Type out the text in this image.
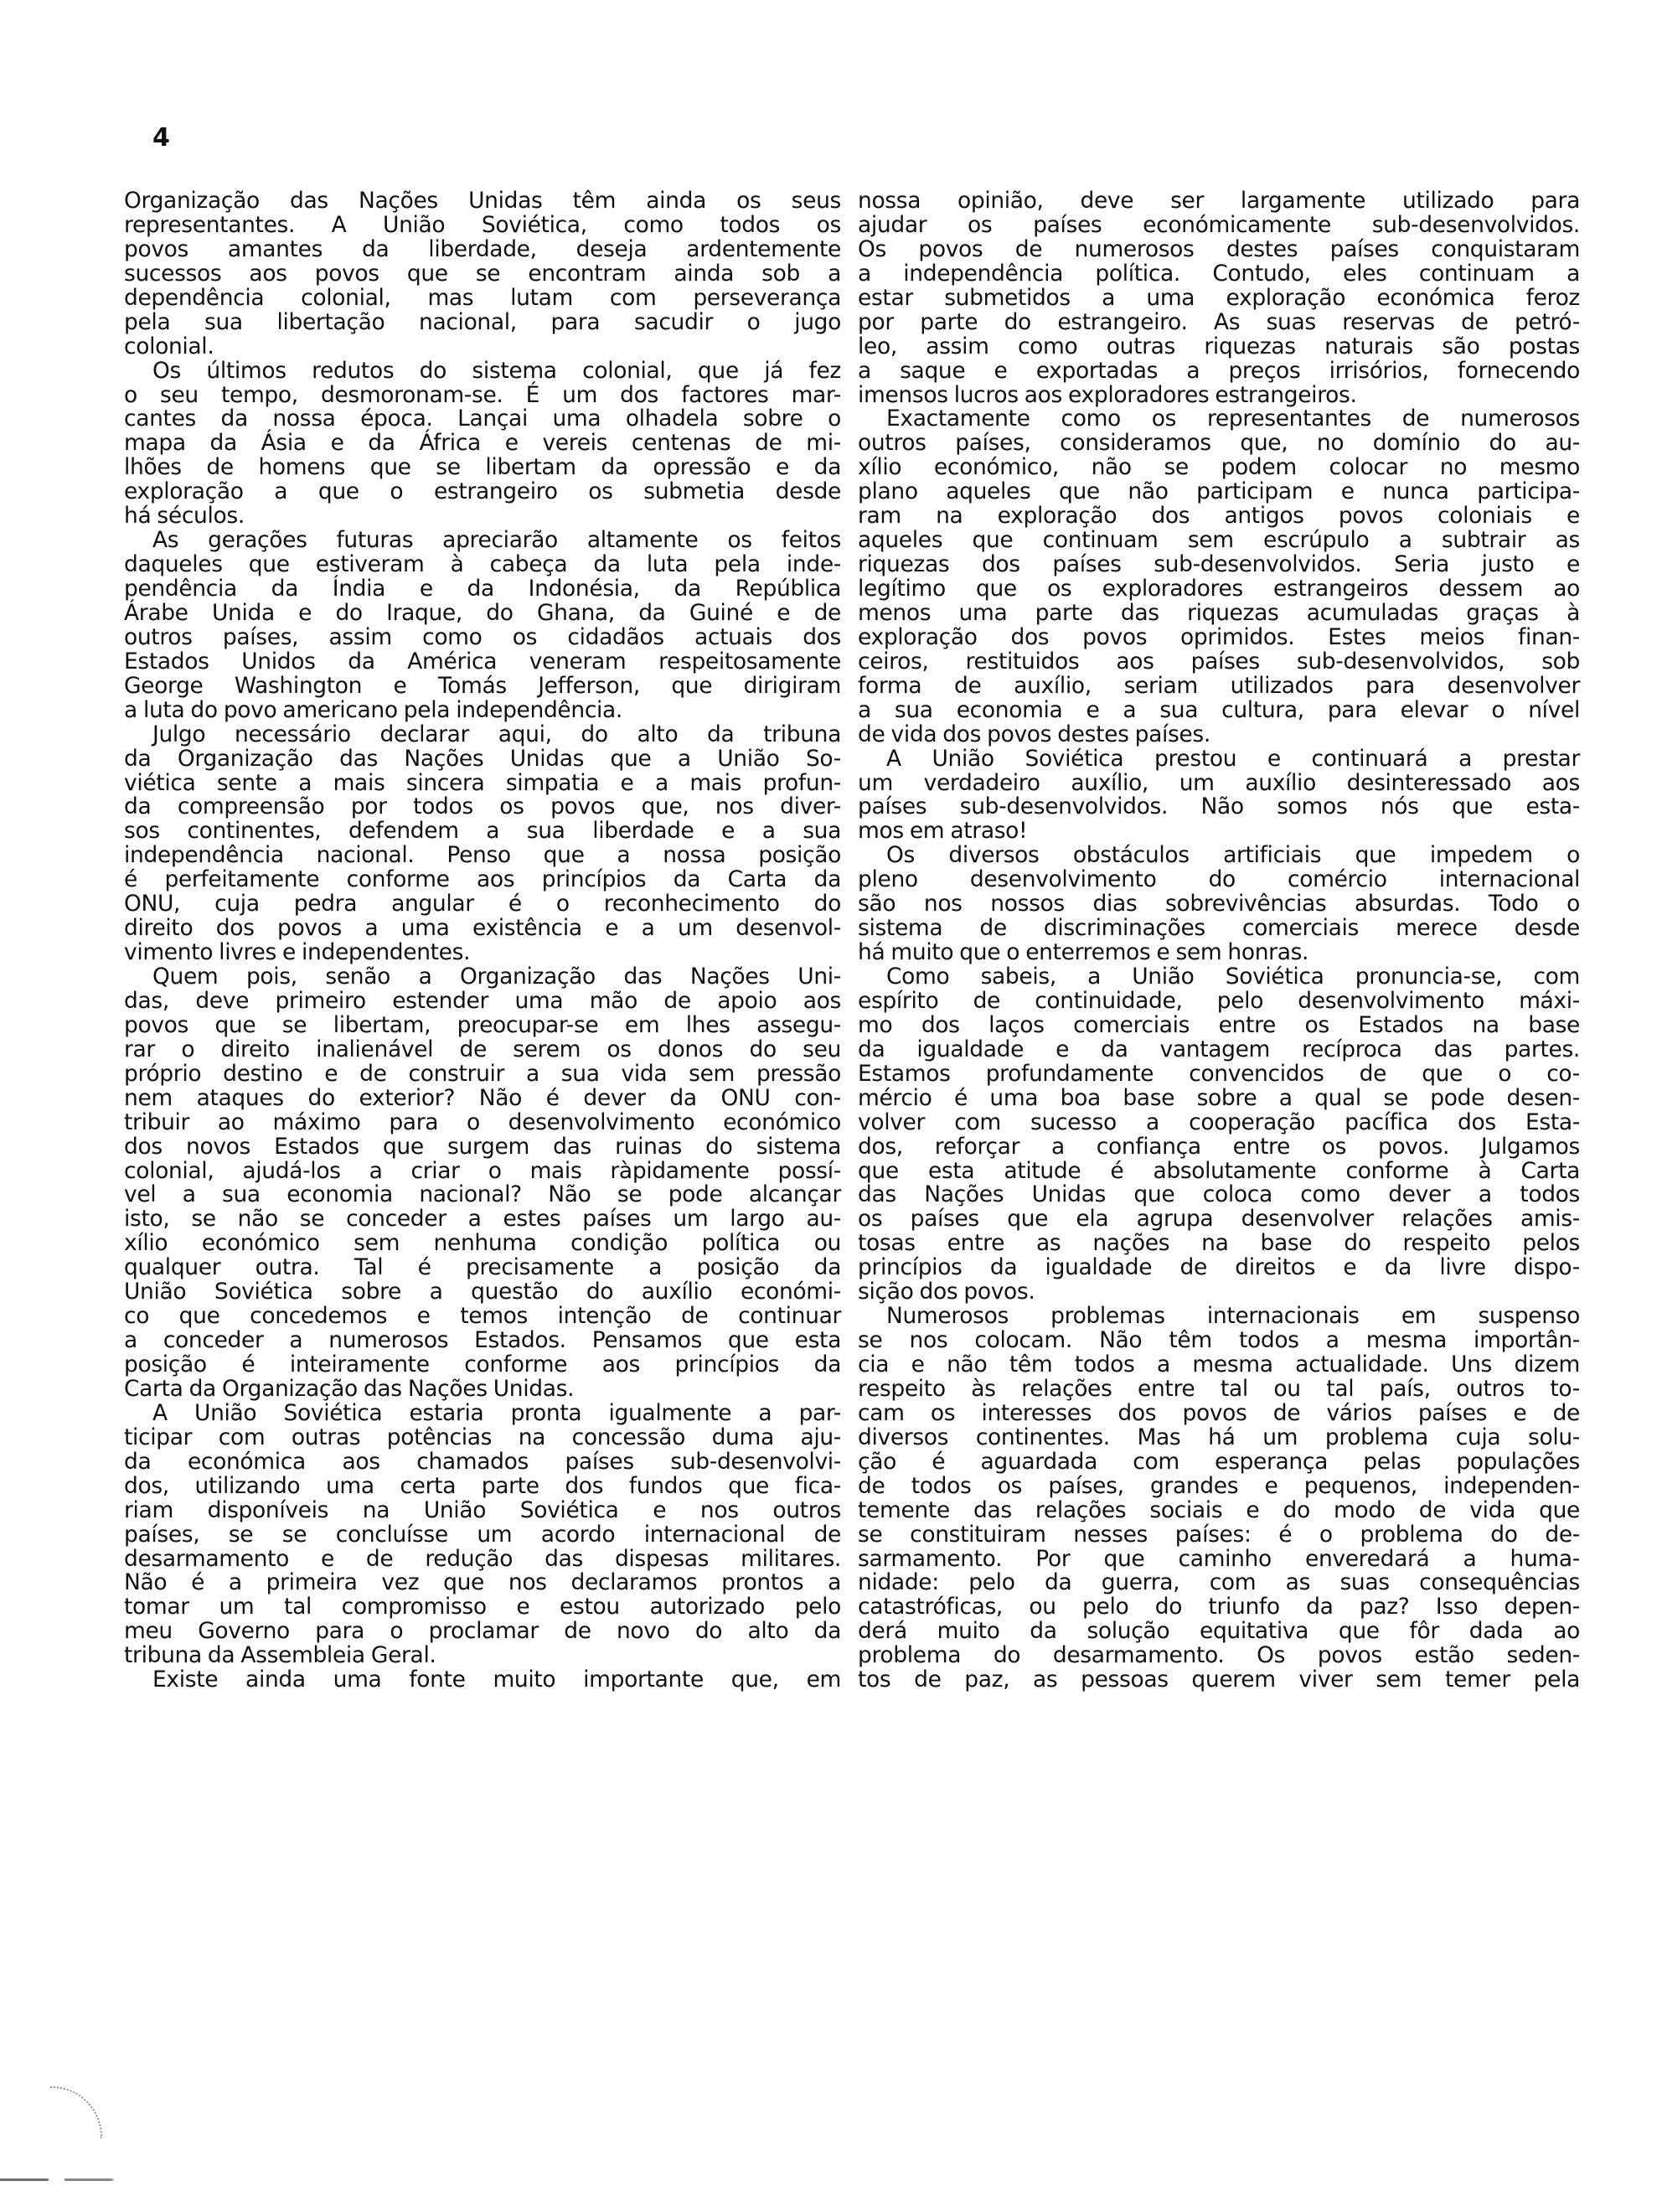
4
Organização das Nações Unidas têm ainda os seus
representantes. A União Soviética, como todos os
povos amantes da liberdade, deseja ardentemente
sucessos aos povos que se encontram ainda sob a
dependência colonial, mas lutam com perseverança
pela sua libertação nacional, para sacudir o jugo
colonial.
Os últimos redutos do sistema colonial, que já fez
o seu tempo, desmoronam-se. É um dos factores mar-
cantes da nossa época. Lançai uma olhadela sobre o
mapa da Ásia e da África e vereis centenas de mi-
lhões de homens que se libertam da opressão e da
exploração a que o estrangeiro os submetia desde
há séculos.
As gerações futuras apreciarão altamente os feitos
daqueles que estiveram à cabeça da luta pela inde-
pendência da Índia e da Indonésia, da República
Árabe Unida e do Iraque, do Ghana, da Guiné e de
outros países, assim como os cidadãos actuais dos
Estados Unidos da América veneram respeitosamente
George Washington e Tomás Jefferson, que dirigiram
a luta do povo americano pela independência.
Julgo necessário declarar aqui, do alto da tribuna
da Organização das Nações Unidas que a União So-
viética sente a mais sincera simpatia e a mais profun-
da compreensão por todos os povos que, nos diver-
sos continentes, defendem a sua liberdade e a sua
independência nacional. Penso que a nossa posição
é perfeitamente conforme aos princípios da Carta da
ONU, cuja pedra angular é o reconhecimento do
direito dos povos a uma existência e a um desenvol-
vimento livres e independentes.
Quem pois, senão a Organização das Nações Uni-
das, deve primeiro estender uma mão de apoio aos
povos que se libertam, preocupar-se em lhes assegu-
rar o direito inalienável de serem os donos do seu
próprio destino e de construir a sua vida sem pressão
nem ataques do exterior? Não é dever da ONU con-
tribuir ao máximo para o desenvolvimento económico
dos novos Estados que surgem das ruinas do sistema
colonial, ajudá-los a criar o mais ràpidamente possí-
vel a sua economia nacional? Não se pode alcançar
isto, se não se conceder a estes países um largo au-
xílio económico sem nenhuma condição política ou
qualquer outra. Tal é precisamente a posição da
União Soviética sobre a questão do auxílio económi-
co que concedemos e temos intenção de continuar
a conceder a numerosos Estados. Pensamos que esta
posição é inteiramente conforme aos princípios da
Carta da Organização das Nações Unidas.
A União Soviética estaria pronta igualmente a par-
ticipar com outras potências na concessão duma aju-
da económica aos chamados países sub-desenvolvi-
dos, utilizando uma certa parte dos fundos que fica-
riam disponíveis na União Soviética e nos outros
países, se se concluísse um acordo internacional de
desarmamento e de redução das dispesas militares.
Não é a primeira vez que nos declaramos prontos a
tomar um tal compromisso e estou autorizado pelo
meu Governo para o proclamar de novo do alto da
tribuna da Assembleia Geral.
Existe ainda uma fonte muito importante que, em
nossa opinião, deve ser largamente utilizado para
ajudar os países económicamente sub-desenvolvidos.
Os povos de numerosos destes países conquistaram
a independência política. Contudo, eles continuam a
estar submetidos a uma exploração económica feroz
por parte do estrangeiro. As suas reservas de petró-
leo, assim como outras riquezas naturais são postas
a saque e exportadas a preços irrisórios, fornecendo
imensos lucros aos exploradores estrangeiros.
Exactamente como os representantes de numerosos
outros países, consideramos que, no domínio do au-
xílio económico, não se podem colocar no mesmo
plano aqueles que não participam e nunca participa-
ram na exploração dos antigos povos coloniais e
aqueles que continuam sem escrúpulo a subtrair as
riquezas dos países sub-desenvolvidos. Seria justo e
legítimo que os exploradores estrangeiros dessem ao
menos uma parte das riquezas acumuladas graças à
exploração dos povos oprimidos. Estes meios finan-
ceiros, restituidos aos países sub-desenvolvidos, sob
forma de auxílio, seriam utilizados para desenvolver
a sua economia e a sua cultura, para elevar o nível
de vida dos povos destes países.
A União Soviética prestou e continuará a prestar
um verdadeiro auxílio, um auxílio desinteressado aos
países sub-desenvolvidos. Não somos nós que esta-
mos em atraso!
Os diversos obstáculos artificiais que impedem o
pleno desenvolvimento do comércio internacional
são nos nossos dias sobrevivências absurdas. Todo o
sistema de discriminações comerciais merece desde
há muito que o enterremos e sem honras.
Como sabeis, a União Soviética pronuncia-se, com
espírito de continuidade, pelo desenvolvimento máxi-
mo dos laços comerciais entre os Estados na base
da igualdade e da vantagem recíproca das partes.
Estamos profundamente convencidos de que o co-
mércio é uma boa base sobre a qual se pode desen-
volver com sucesso a cooperação pacífica dos Esta-
dos, reforçar a confiança entre os povos. Julgamos
que esta atitude é absolutamente conforme à Carta
das Nações Unidas que coloca como dever a todos
os países que ela agrupa desenvolver relações amis-
tosas entre as nações na base do respeito pelos
princípios da igualdade de direitos e da livre dispo-
sição dos povos.
Numerosos problemas internacionais em suspenso
se nos colocam. Não têm todos a mesma importân-
cia e não têm todos a mesma actualidade. Uns dizem
respeito às relações entre tal ou tal país, outros to-
cam os interesses dos povos de vários países e de
diversos continentes. Mas há um problema cuja solu-
ção é aguardada com esperança pelas populações
de todos os países, grandes e pequenos, independen-
temente das relações sociais e do modo de vida que
se constituiram nesses países: é o problema do de-
sarmamento. Por que caminho enveredará a huma-
nidade: pelo da guerra, com as suas consequências
catastróficas, ou pelo do triunfo da paz? Isso depen-
derá muito da solução equitativa que fôr dada ao
problema do desarmamento. Os povos estão seden-
tos de paz, as pessoas querem viver sem temer pela
